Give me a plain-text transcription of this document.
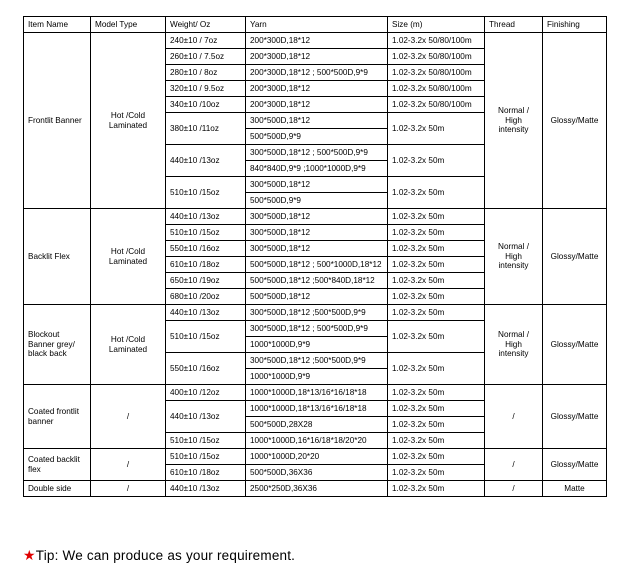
Item Name	Model Type	Weight/ Oz	Yarn	Size (m)	Thread	Finishing
Frontlit Banner	Hot /Cold Laminated	240±10 / 7oz	200*300D,18*12	1.02-3.2x 50/80/100m	Normal / High intensity	Glossy/Matte
		260±10 / 7.5oz	200*300D,18*12	1.02-3.2x 50/80/100m		
		280±10 / 8oz	200*300D,18*12 ; 500*500D,9*9	1.02-3.2x 50/80/100m		
		320±10 / 9.5oz	200*300D,18*12	1.02-3.2x 50/80/100m		
		340±10 /10oz	200*300D,18*12	1.02-3.2x 50/80/100m		
		380±10 /11oz	300*500D,18*12	1.02-3.2x 50m		
			500*500D,9*9			
		440±10 /13oz	300*500D,18*12 ; 500*500D,9*9	1.02-3.2x 50m		
			840*840D,9*9 ;1000*1000D,9*9			
		510±10 /15oz	300*500D,18*12	1.02-3.2x 50m		
			500*500D,9*9			
Backlit Flex	Hot /Cold Laminated	440±10 /13oz	300*500D,18*12	1.02-3.2x 50m	Normal / High intensity	Glossy/Matte
		510±10 /15oz	300*500D,18*12	1.02-3.2x 50m		
		550±10 /16oz	300*500D,18*12	1.02-3.2x 50m		
		610±10 /18oz	500*500D,18*12 ; 500*1000D,18*12	1.02-3.2x 50m		
		650±10 /19oz	500*500D,18*12 ;500*840D,18*12	1.02-3.2x 50m		
		680±10 /20oz	500*500D,18*12	1.02-3.2x 50m		
Blockout Banner grey/ black back	Hot /Cold Laminated	440±10 /13oz	300*500D,18*12 ;500*500D,9*9	1.02-3.2x 50m	Normal / High intensity	Glossy/Matte
		510±10 /15oz	300*500D,18*12 ; 500*500D,9*9	1.02-3.2x 50m		
			1000*1000D,9*9			
		550±10 /16oz	300*500D,18*12 ;500*500D,9*9	1.02-3.2x 50m		
			1000*1000D,9*9			
Coated frontlit banner	/	400±10 /12oz	1000*1000D,18*13/16*16/18*18	1.02-3.2x 50m	/	Glossy/Matte
		440±10 /13oz	1000*1000D,18*13/16*16/18*18	1.02-3.2x 50m		
			500*500D,28X28	1.02-3.2x 50m		
		510±10 /15oz	1000*1000D,16*16/18*18/20*20	1.02-3.2x 50m		
Coated backlit flex	/	510±10 /15oz	1000*1000D,20*20	1.02-3.2x 50m	/	Glossy/Matte
		610±10 /18oz	500*500D,36X36	1.02-3.2x 50m		
Double side	/	440±10 /13oz	2500*250D,36X36	1.02-3.2x 50m	/	Matte
★Tip: We can produce as your requirement.
